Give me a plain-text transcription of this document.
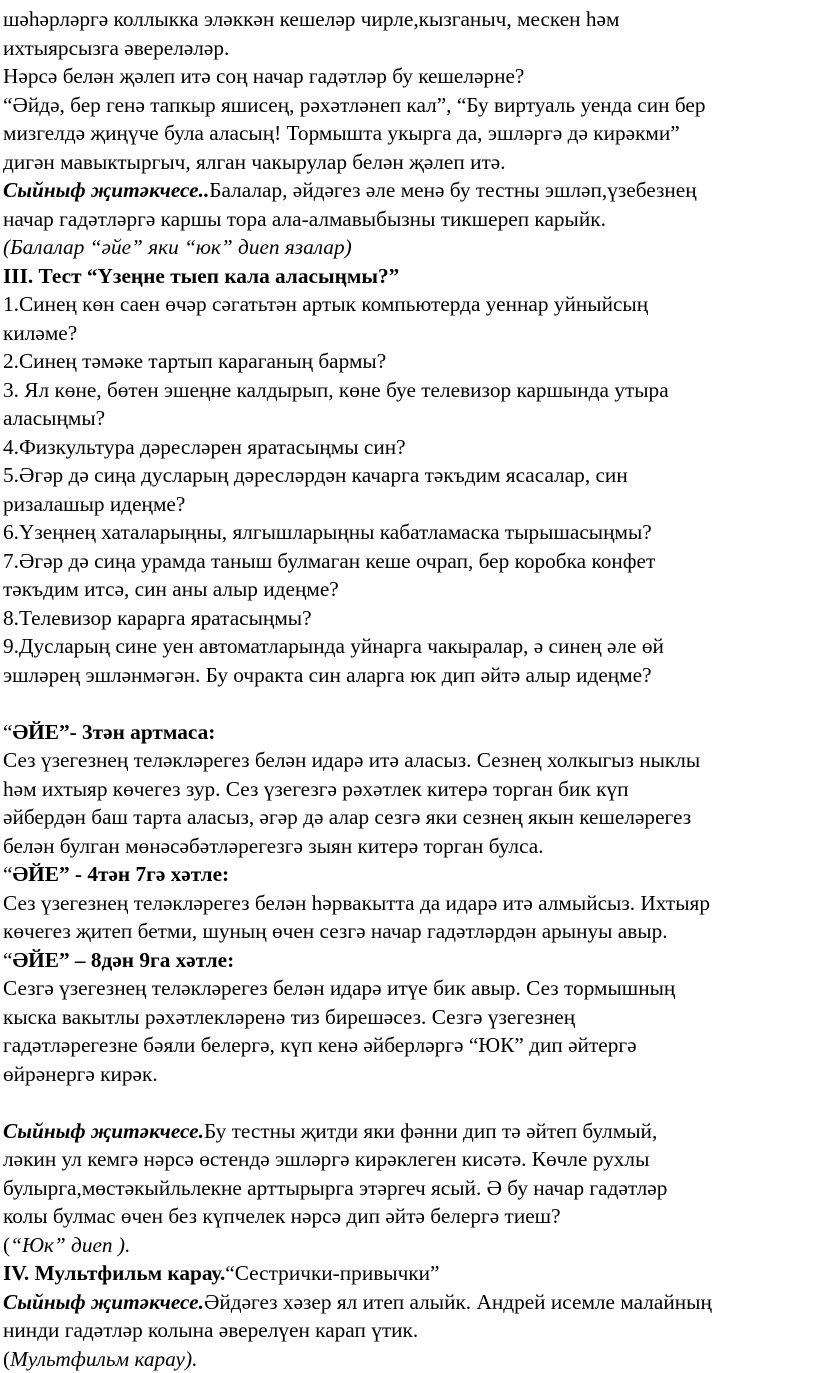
шәһәрләргә коллыкка эләккән кешеләр чирле,кызганыч, мескен һәм
ихтыярсызга әвереләләр.
Нәрсә белән җәлеп итә соң начар гадәтләр бу кешеләрне?
“Әйдә, бер генә тапкыр яшисең, рәхәтләнеп кал”, “Бу виртуаль уенда син бер
мизгелдә җиңүче була аласың! Тормышта укырга да, эшләргә дә кирәкми”
дигән мавыктыргыч, ялган чакырулар белән җәлеп итә.
Сыйныф җитәкчесе..Балалар, әйдәгез әле менә бу тестны эшләп,үзебезнең
начар гадәтләргә каршы тора ала-алмавыбызны тикшереп карыйк.
(Балалар “әйе” яки “юк” диеп язалар)
III. Тест “Үзеңне тыеп кала аласыңмы?”
1.Синең көн саен өчәр сәгатьтән артык компьютерда уеннар уйныйсың
киләме?
2.Синең тәмәке тартып караганың бармы?
3. Ял көне, бөтен эшеңне калдырып, көне буе телевизор каршында утыра
аласыңмы?
4.Физкультура дәресләрен яратасыңмы син?
5.Әгәр дә сиңа дусларың дәресләрдән качарга тәкъдим ясасалар, син
ризалашыр идеңме?
6.Үзеңнең хаталарыңны, ялгышларыңны кабатламаска тырышасыңмы?
7.Әгәр дә сиңа урамда таныш булмаган кеше очрап, бер коробка конфет
тәкъдим итсә, син аны алыр идеңме?
8.Телевизор карарга яратасыңмы?
9.Дусларың сине уен автоматларында уйнарга чакыралар, ә синең әле өй
эшләрең эшләнмәгән. Бу очракта син аларга юк дип әйтә алыр идеңме?
“ӘЙЕ”- 3тән артмаса:
Сез үзегезнең теләкләрегез белән идарә итә аласыз. Сезнең холкыгыз ныклы
һәм ихтыяр көчегез зур. Сез үзегезгә рәхәтлек китерә торган бик күп
әйбердән баш тарта аласыз, әгәр дә алар сезгә яки сезнең якын кешеләрегез
белән булган мөнәсәбәтләрегезгә зыян китерә торган булса.
“ӘЙЕ” - 4тән 7гә хәтле:
Сез үзегезнең теләкләрегез белән һәрвакытта да идарә итә алмыйсыз. Ихтыяр
көчегез җитеп бетми, шуның өчен сезгә начар гадәтләрдән арынуы авыр.
“ӘЙЕ” – 8дән 9га хәтле:
Сезгә үзегезнең теләкләрегез белән идарә итүе бик авыр. Сез тормышның
кыска вакытлы рәхәтлекләренә тиз бирешәсез. Сезгә үзегезнең
гадәтләрегезне бәяли белергә, күп кенә әйберләргә “ЮК” дип әйтергә
өйрәнергә кирәк.
Сыйныф җитәкчесе.Бу тестны җитди яки фәнни дип тә әйтеп булмый,
ләкин ул кемгә нәрсә өстендә эшләргә кирәклеген кисәтә. Көчле рухлы
булырга,мөстәкыйльлекне арттырырга этәргеч ясый. Ә бу начар гадәтләр
колы булмас өчен без күпчелек нәрсә дип әйтә белергә тиеш?
(“Юк” диеп ).
IV. Мультфильм карау.“Сестрички-привычки”
Сыйныф җитәкчесе.Әйдәгез хәзер ял итеп алыйк. Андрей исемле малайның
нинди гадәтләр колына әверелүен карап үтик.
(Мультфильм карау).
